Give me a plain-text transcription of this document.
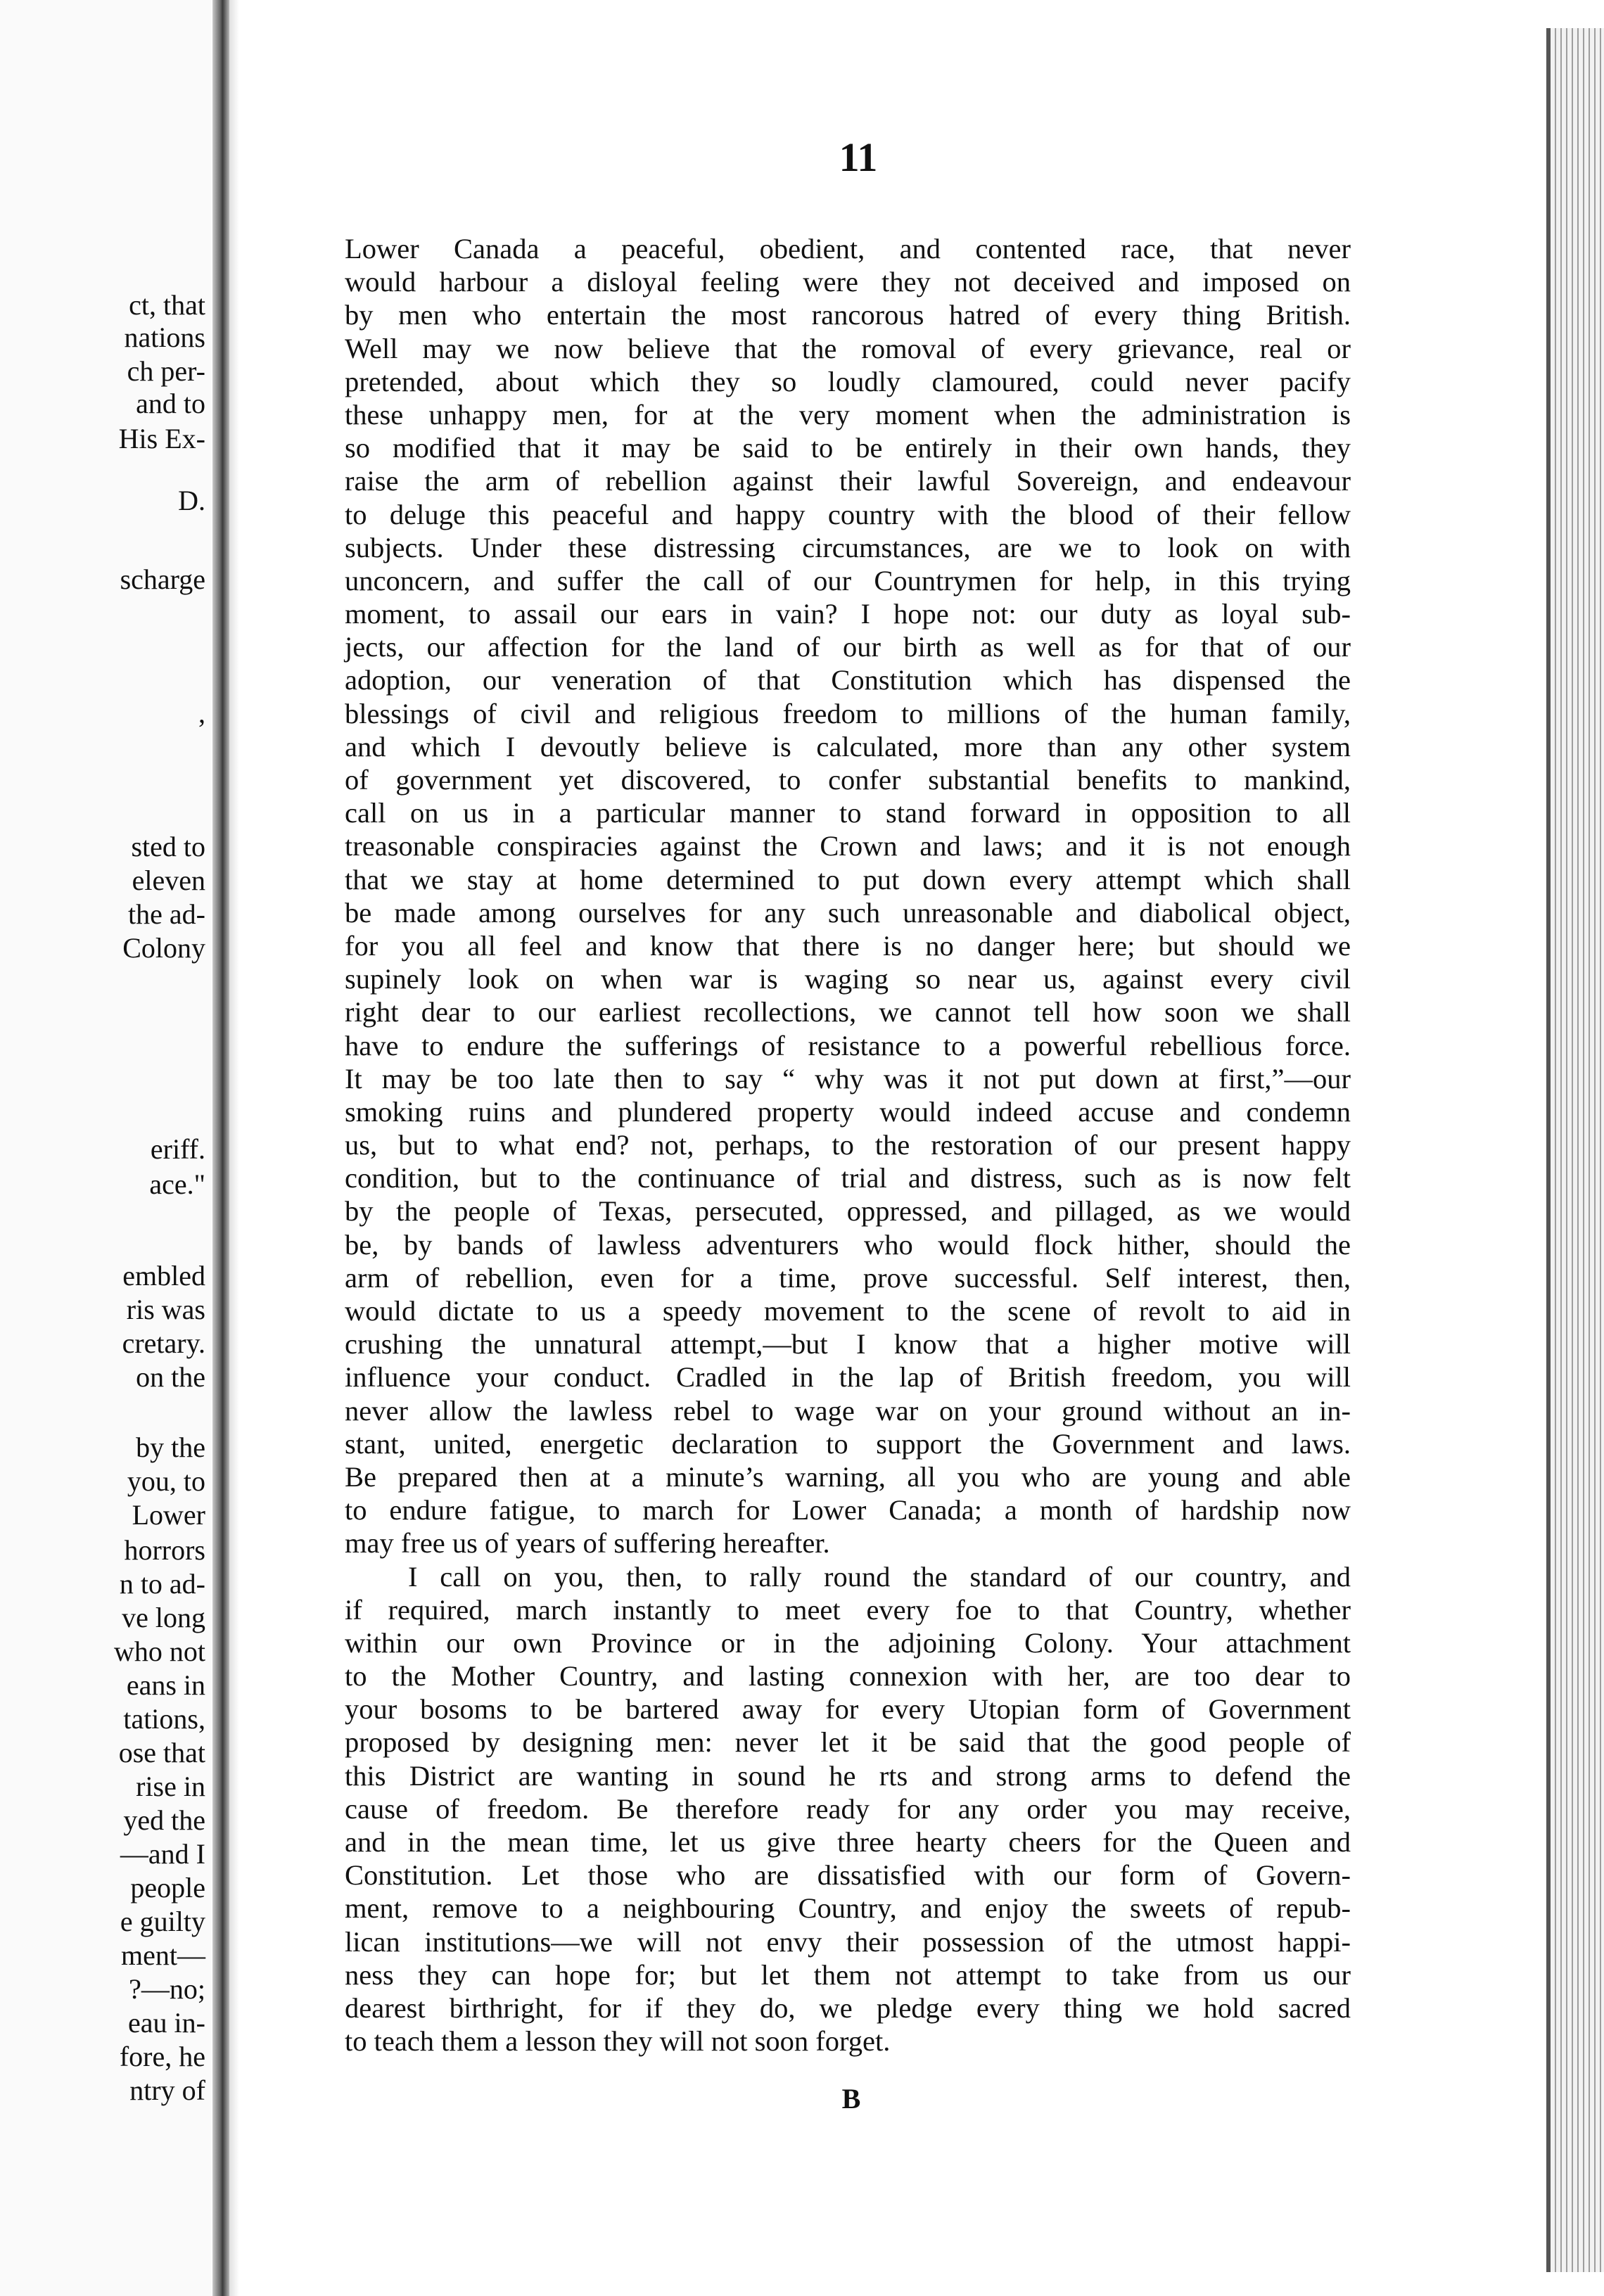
ct, that
nations
ch per-
and to
His Ex-
D.
scharge
,
sted to
eleven
the ad-
Colony
eriff.
ace."
embled
ris was
cretary.
on the
by the
you, to
Lower
horrors
n to ad-
ve long
who not
eans in
tations,
ose that
rise in
yed the
—and I
people
e guilty
ment—
?—no;
eau in-
fore, he
ntry of
11
Lower Canada a peaceful, obedient, and contented race, that never
would harbour a disloyal feeling were they not deceived and imposed on
by men who entertain the most rancorous hatred of every thing British.
Well may we now believe that the romoval of every grievance, real or
pretended, about which they so loudly clamoured, could never pacify
these unhappy men, for at the very moment when the administration is
so modified that it may be said to be entirely in their own hands, they
raise the arm of rebellion against their lawful Sovereign, and endeavour
to deluge this peaceful and happy country with the blood of their fellow
subjects. Under these distressing circumstances, are we to look on with
unconcern, and suffer the call of our Countrymen for help, in this trying
moment, to assail our ears in vain? I hope not: our duty as loyal sub-
jects, our affection for the land of our birth as well as for that of our
adoption, our veneration of that Constitution which has dispensed the
blessings of civil and religious freedom to millions of the human family,
and which I devoutly believe is calculated, more than any other system
of government yet discovered, to confer substantial benefits to mankind,
call on us in a particular manner to stand forward in opposition to all
treasonable conspiracies against the Crown and laws; and it is not enough
that we stay at home determined to put down every attempt which shall
be made among ourselves for any such unreasonable and diabolical object,
for you all feel and know that there is no danger here; but should we
supinely look on when war is waging so near us, against every civil
right dear to our earliest recollections, we cannot tell how soon we shall
have to endure the sufferings of resistance to a powerful rebellious force.
It may be too late then to say “ why was it not put down at first,”—our
smoking ruins and plundered property would indeed accuse and condemn
us, but to what end? not, perhaps, to the restoration of our present happy
condition, but to the continuance of trial and distress, such as is now felt
by the people of Texas, persecuted, oppressed, and pillaged, as we would
be, by bands of lawless adventurers who would flock hither, should the
arm of rebellion, even for a time, prove successful. Self interest, then,
would dictate to us a speedy movement to the scene of revolt to aid in
crushing the unnatural attempt,—but I know that a higher motive will
influence your conduct. Cradled in the lap of British freedom, you will
never allow the lawless rebel to wage war on your ground without an in-
stant, united, energetic declaration to support the Government and laws.
Be prepared then at a minute’s warning, all you who are young and able
to endure fatigue, to march for Lower Canada; a month of hardship now
may free us of years of suffering hereafter.
I call on you, then, to rally round the standard of our country, and
if required, march instantly to meet every foe to that Country, whether
within our own Province or in the adjoining Colony. Your attachment
to the Mother Country, and lasting connexion with her, are too dear to
your bosoms to be bartered away for every Utopian form of Government
proposed by designing men: never let it be said that the good people of
this District are wanting in sound he rts and strong arms to defend the
cause of freedom. Be therefore ready for any order you may receive,
and in the mean time, let us give three hearty cheers for the Queen and
Constitution. Let those who are dissatisfied with our form of Govern-
ment, remove to a neighbouring Country, and enjoy the sweets of repub-
lican institutions—we will not envy their possession of the utmost happi-
ness they can hope for; but let them not attempt to take from us our
dearest birthright, for if they do, we pledge every thing we hold sacred
to teach them a lesson they will not soon forget.
B
